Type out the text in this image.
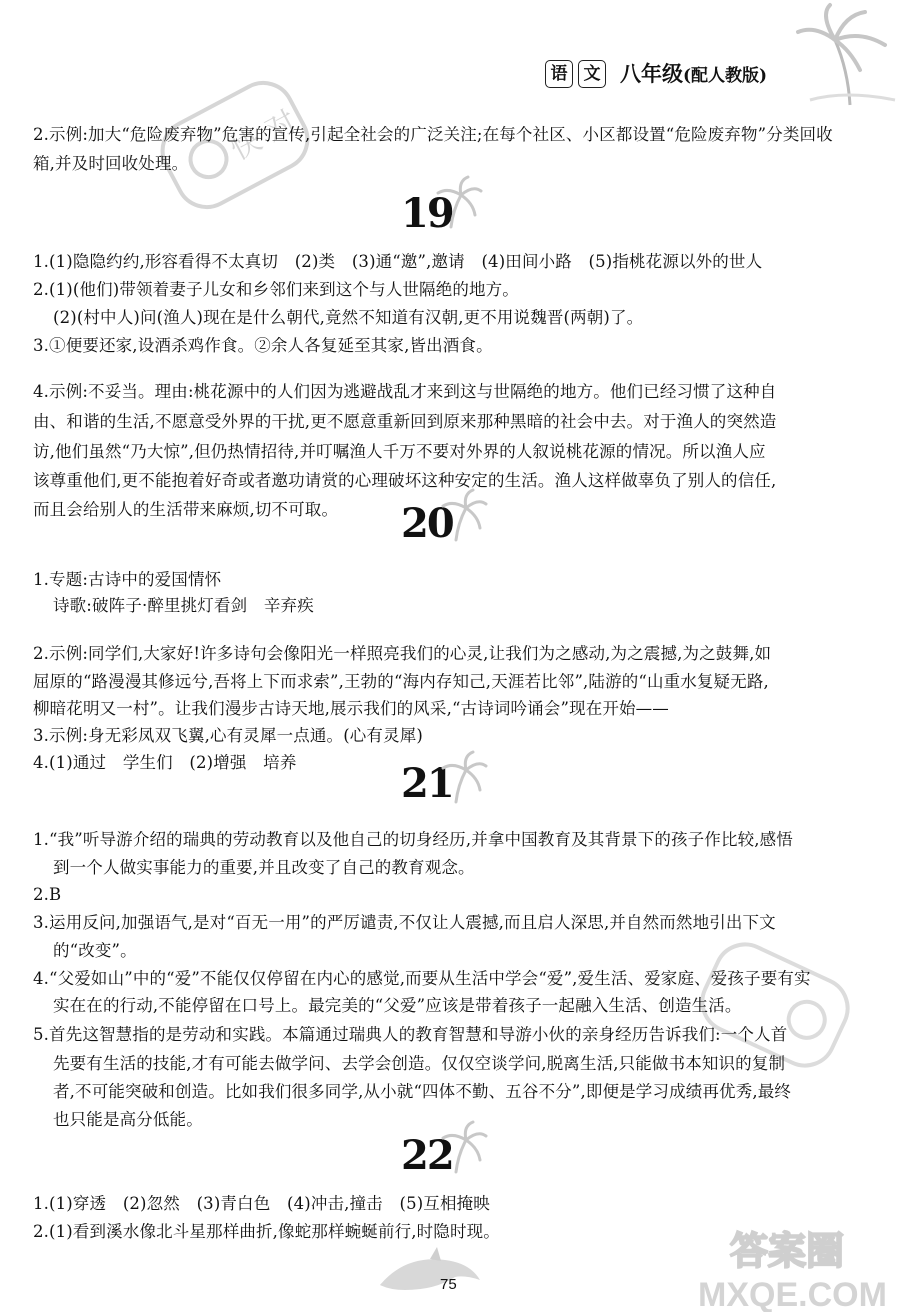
语 文 八年级(配人教版)
快 对
2.示例:加大“危险废弃物”危害的宣传,引起全社会的广泛关注;在每个社区、小区都设置“危险废弃物”分类回收
箱,并及时回收处理。
19
1.(1)隐隐约约,形容看得不太真切　(2)类　(3)通“邀”,邀请　(4)田间小路　(5)指桃花源以外的世人
2.(1)(他们)带领着妻子儿女和乡邻们来到这个与人世隔绝的地方。
(2)(村中人)问(渔人)现在是什么朝代,竟然不知道有汉朝,更不用说魏晋(两朝)了。
3.①便要还家,设酒杀鸡作食。②余人各复延至其家,皆出酒食。
4.示例:不妥当。理由:桃花源中的人们因为逃避战乱才来到这与世隔绝的地方。他们已经习惯了这种自
由、和谐的生活,不愿意受外界的干扰,更不愿意重新回到原来那种黑暗的社会中去。对于渔人的突然造
访,他们虽然“乃大惊”,但仍热情招待,并叮嘱渔人千万不要对外界的人叙说桃花源的情况。所以渔人应
该尊重他们,更不能抱着好奇或者邀功请赏的心理破坏这种安定的生活。渔人这样做辜负了别人的信任,
而且会给别人的生活带来麻烦,切不可取。 20
1.专题:古诗中的爱国情怀
诗歌:破阵子·醉里挑灯看剑　辛弃疾
2.示例:同学们,大家好!许多诗句会像阳光一样照亮我们的心灵,让我们为之感动,为之震撼,为之鼓舞,如
屈原的“路漫漫其修远兮,吾将上下而求索”,王勃的“海内存知己,天涯若比邻”,陆游的“山重水复疑无路,
柳暗花明又一村”。让我们漫步古诗天地,展示我们的风采,“古诗词吟诵会”现在开始——
3.示例:身无彩凤双飞翼,心有灵犀一点通。(心有灵犀)
4.(1)通过　学生们　(2)增强　培养	21
1.“我”听导游介绍的瑞典的劳动教育以及他自己的切身经历,并拿中国教育及其背景下的孩子作比较,感悟
到一个人做实事能力的重要,并且改变了自己的教育观念。
2.B
3.运用反问,加强语气,是对“百无一用”的严厉谴责,不仅让人震撼,而且启人深思,并自然而然地引出下文
的“改变”。
4.“父爱如山”中的“爱”不能仅仅停留在内心的感觉,而要从生活中学会“爱”,爱生活、爱家庭、爱孩子要有实
实在在的行动,不能停留在口号上。最完美的“父爱”应该是带着孩子一起融入生活、创造生活。
5.首先这智慧指的是劳动和实践。本篇通过瑞典人的教育智慧和导游小伙的亲身经历告诉我们:一个人首
先要有生活的技能,才有可能去做学问、去学会创造。仅仅空谈学问,脱离生活,只能做书本知识的复制
者,不可能突破和创造。比如我们很多同学,从小就“四体不勤、五谷不分”,即便是学习成绩再优秀,最终
也只能是高分低能。
22
1.(1)穿透　(2)忽然　(3)青白色　(4)冲击,撞击　(5)互相掩映
2.(1)看到溪水像北斗星那样曲折,像蛇那样蜿蜒前行,时隐时现。
75
答案圈
MXQE.COM
